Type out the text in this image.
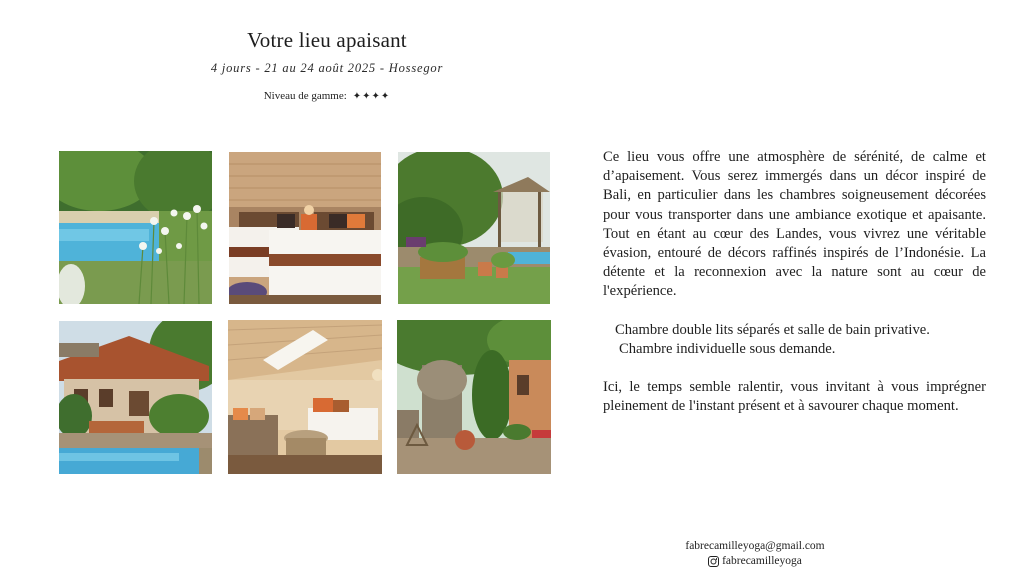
Votre lieu apaisant
4 jours - 21 au 24 août 2025 - Hossegor
Niveau de gamme: ✦✦✦✦

Ce lieu vous offre une atmosphère de sérénité, de calme et d’apaisement. Vous serez immergés dans un décor inspiré de Bali, en particulier dans les chambres soigneusement décorées pour vous transporter dans une ambiance exotique et apaisante. Tout en étant au cœur des Landes, vous vivrez une véritable évasion, entouré de décors raffinés inspirés de l’Indonésie. La détente et la reconnexion avec la nature sont au cœur de l'expérience.

Chambre double lits séparés et salle de bain privative.

Chambre individuelle sous demande.

Ici, le temps semble ralentir, vous invitant à vous imprégner pleinement de l'instant présent et à savourer chaque moment.

fabrecamilleyoga@gmail.com
fabrecamilleyoga
